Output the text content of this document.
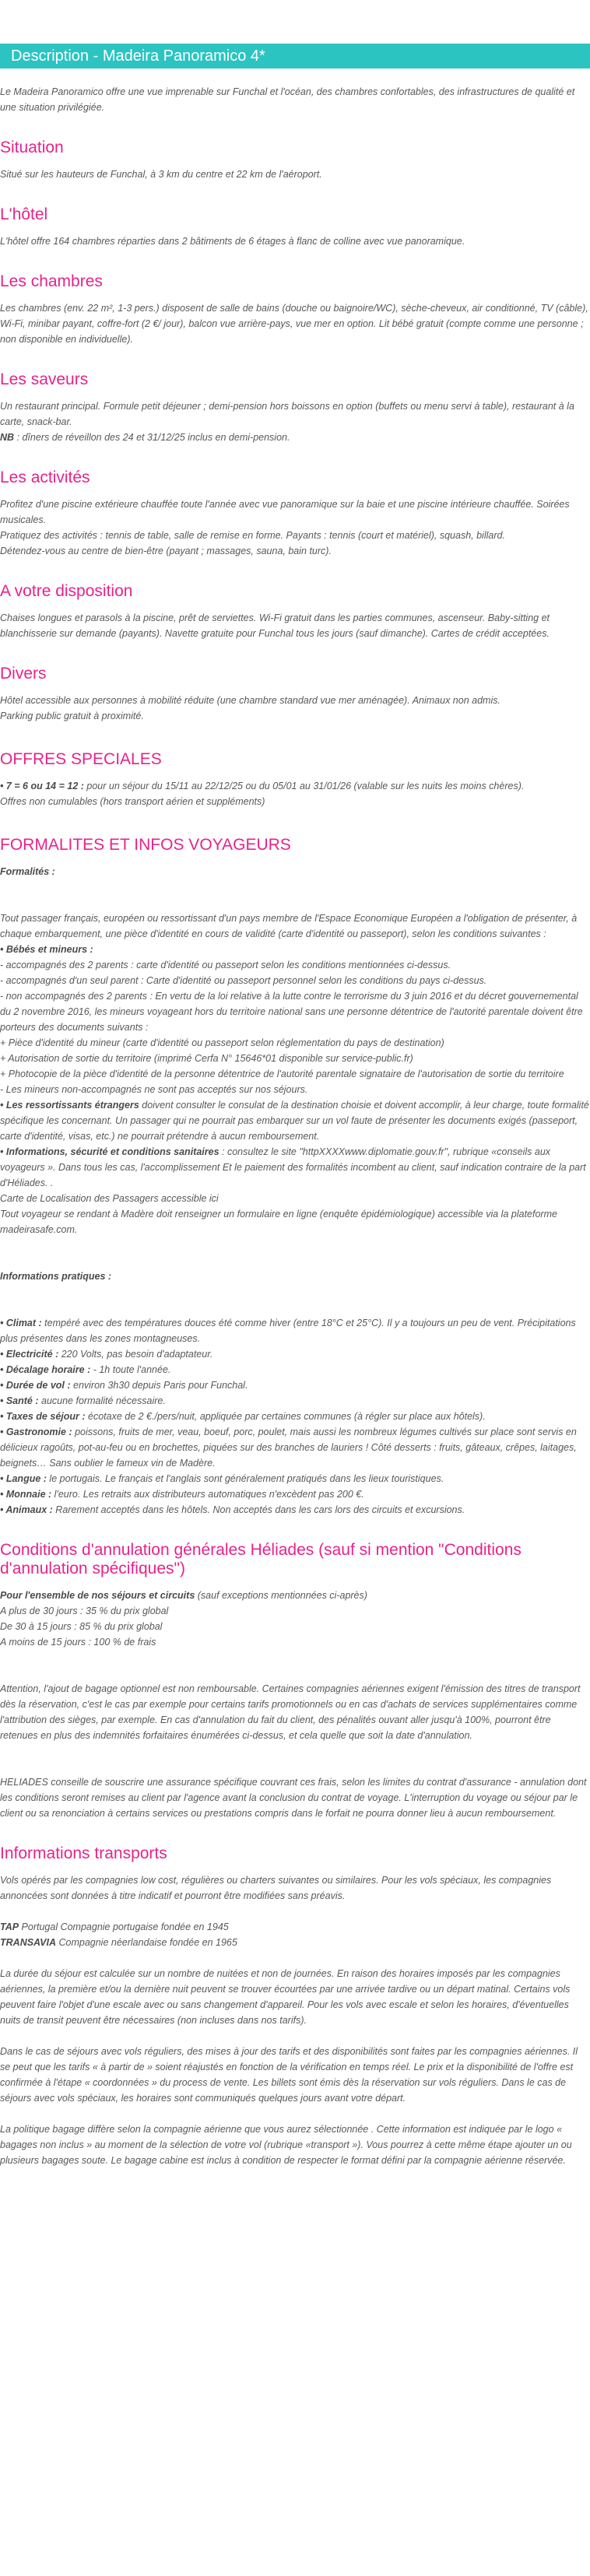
Description - Madeira Panoramico 4*

Le Madeira Panoramico offre une vue imprenable sur Funchal et l'océan, des chambres confortables, des infrastructures de qualité et une situation privilégiée.

Situation

Situé sur les hauteurs de Funchal, à 3 km du centre et 22 km de l'aéroport.

L'hôtel

L'hôtel offre 164 chambres réparties dans 2 bâtiments de 6 étages à flanc de colline avec vue panoramique.

Les chambres

Les chambres (env. 22 m², 1-3 pers.) disposent de salle de bains (douche ou baignoire/WC), sèche-cheveux, air conditionné, TV (câble), Wi-Fi, minibar payant, coffre-fort (2 €/ jour), balcon vue arrière-pays, vue mer en option. Lit bébé gratuit (compte comme une personne ; non disponible en individuelle).

Les saveurs
Un restaurant principal. Formule petit déjeuner ; demi-pension hors boissons en option (buffets ou menu servi à table), restaurant à la carte, snack-bar.
NB : dîners de réveillon des 24 et 31/12/25 inclus en demi-pension.
Les activités
Profitez d'une piscine extérieure chauffée toute l'année avec vue panoramique sur la baie et une piscine intérieure chauffée. Soirées musicales.
Pratiquez des activités : tennis de table, salle de remise en forme. Payants : tennis (court et matériel), squash, billard.
Détendez-vous au centre de bien-être (payant ; massages, sauna, bain turc).
A votre disposition

Chaises longues et parasols à la piscine, prêt de serviettes. Wi-Fi gratuit dans les parties communes, ascenseur. Baby-sitting et blanchisserie sur demande (payants). Navette gratuite pour Funchal tous les jours (sauf dimanche). Cartes de crédit acceptées.

Divers
Hôtel accessible aux personnes à mobilité réduite (une chambre standard vue mer aménagée). Animaux non admis.
Parking public gratuit à proximité.
OFFRES SPECIALES
• 7 = 6 ou 14 = 12 : pour un séjour du 15/11 au 22/12/25 ou du 05/01 au 31/01/26 (valable sur les nuits les moins chères).
Offres non cumulables (hors transport aérien et suppléments)
FORMALITES ET INFOS VOYAGEURS
Formalités :
Tout passager français, européen ou ressortissant d'un pays membre de l'Espace Economique Européen a l'obligation de présenter, à chaque embarquement, une pièce d'identité en cours de validité (carte d'identité ou passeport), selon les conditions suivantes :
• Bébés et mineurs :
- accompagnés des 2 parents : carte d'identité ou passeport selon les conditions mentionnées ci-dessus.
- accompagnés d'un seul parent : Carte d'identité ou passeport personnel selon les conditions du pays ci-dessus.
- non accompagnés des 2 parents : En vertu de la loi relative à la lutte contre le terrorisme du 3 juin 2016 et du décret gouvernemental du 2 novembre 2016, les mineurs voyageant hors du territoire national sans une personne détentrice de l'autorité parentale doivent être porteurs des documents suivants :
+ Pièce d'identité du mineur (carte d'identité ou passeport selon réglementation du pays de destination)
+ Autorisation de sortie du territoire (imprimé Cerfa N° 15646*01 disponible sur service-public.fr)
+ Photocopie de la pièce d'identité de la personne détentrice de l'autorité parentale signataire de l'autorisation de sortie du territoire
- Les mineurs non-accompagnés ne sont pas acceptés sur nos séjours.
• Les ressortissants étrangers doivent consulter le consulat de la destination choisie et doivent accomplir, à leur charge, toute formalité spécifique les concernant. Un passager qui ne pourrait pas embarquer sur un vol faute de présenter les documents exigés (passeport, carte d'identité, visas, etc.) ne pourrait prétendre à aucun remboursement.
• Informations, sécurité et conditions sanitaires : consultez le site "httpXXXXwww.diplomatie.gouv.fr", rubrique «conseils aux voyageurs ». Dans tous les cas, l'accomplissement Et le paiement des formalités incombent au client, sauf indication contraire de la part d'Héliades. .
Carte de Localisation des Passagers accessible ici
Tout voyageur se rendant à Madère doit renseigner un formulaire en ligne (enquête épidémiologique) accessible via la plateforme madeirasafe.com.
Informations pratiques :
• Climat : tempéré avec des températures douces été comme hiver (entre 18°C et 25°C). Il y a toujours un peu de vent. Précipitations plus présentes dans les zones montagneuses.
• Electricité : 220 Volts, pas besoin d'adaptateur.
• Décalage horaire : - 1h toute l'année.
• Durée de vol : environ 3h30 depuis Paris pour Funchal.
• Santé : aucune formalité nécessaire.
• Taxes de séjour : écotaxe de 2 €./pers/nuit, appliquée par certaines communes (à régler sur place aux hôtels).
• Gastronomie : poissons, fruits de mer, veau, boeuf, porc, poulet, mais aussi les nombreux légumes cultivés sur place sont servis en délicieux ragoûts, pot-au-feu ou en brochettes, piquées sur des branches de lauriers ! Côté desserts : fruits, gâteaux, crêpes, laitages, beignets… Sans oublier le fameux vin de Madère.
• Langue : le portugais. Le français et l'anglais sont généralement pratiqués dans les lieux touristiques.
• Monnaie : l'euro. Les retraits aux distributeurs automatiques n'excèdent pas 200 €.
• Animaux : Rarement acceptés dans les hôtels. Non acceptés dans les cars lors des circuits et excursions.
Conditions d'annulation générales Héliades (sauf si mention "Conditions d'annulation spécifiques")
Pour l'ensemble de nos séjours et circuits (sauf exceptions mentionnées ci-après)
A plus de 30 jours : 35 % du prix global
De 30 à 15 jours : 85 % du prix global
A moins de 15 jours : 100 % de frais
Attention, l'ajout de bagage optionnel est non remboursable. Certaines compagnies aériennes exigent l'émission des titres de transport dès la réservation, c'est le cas par exemple pour certains tarifs promotionnels ou en cas d'achats de services supplémentaires comme l'attribution des sièges, par exemple. En cas d'annulation du fait du client, des pénalités ouvant aller jusqu'à 100%, pourront être retenues en plus des indemnités forfaitaires énumérées ci-dessus, et cela quelle que soit la date d'annulation.
HELIADES conseille de souscrire une assurance spécifique couvrant ces frais, selon les limites du contrat d'assurance - annulation dont les conditions seront remises au client par l'agence avant la conclusion du contrat de voyage. L'interruption du voyage ou séjour par le client ou sa renonciation à certains services ou prestations compris dans le forfait ne pourra donner lieu à aucun remboursement.
Informations transports
Vols opérés par les compagnies low cost, régulières ou charters suivantes ou similaires. Pour les vols spéciaux, les compagnies annoncées sont données à titre indicatif et pourront être modifiées sans préavis.
TAP Portugal Compagnie portugaise fondée en 1945
TRANSAVIA Compagnie néerlandaise fondée en 1965
La durée du séjour est calculée sur un nombre de nuitées et non de journées. En raison des horaires imposés par les compagnies aériennes, la première et/ou la dernière nuit peuvent se trouver écourtées par une arrivée tardive ou un départ matinal. Certains vols peuvent faire l'objet d'une escale avec ou sans changement d'appareil. Pour les vols avec escale et selon les horaires, d'éventuelles nuits de transit peuvent être nécessaires (non incluses dans nos tarifs).
Dans le cas de séjours avec vols réguliers, des mises à jour des tarifs et des disponibilités sont faites par les compagnies aériennes. Il se peut que les tarifs « à partir de » soient réajustés en fonction de la vérification en temps réel. Le prix et la disponibilité de l'offre est confirmée à l'étape « coordonnées » du process de vente. Les billets sont émis dès la réservation sur vols réguliers. Dans le cas de séjours avec vols spéciaux, les horaires sont communiqués quelques jours avant votre départ.
La politique bagage diffère selon la compagnie aérienne que vous aurez sélectionnée . Cette information est indiquée par le logo « bagages non inclus » au moment de la sélection de votre vol (rubrique «transport »). Vous pourrez à cette même étape ajouter un ou plusieurs bagages soute. Le bagage cabine est inclus à condition de respecter le format défini par la compagnie aérienne réservée.
